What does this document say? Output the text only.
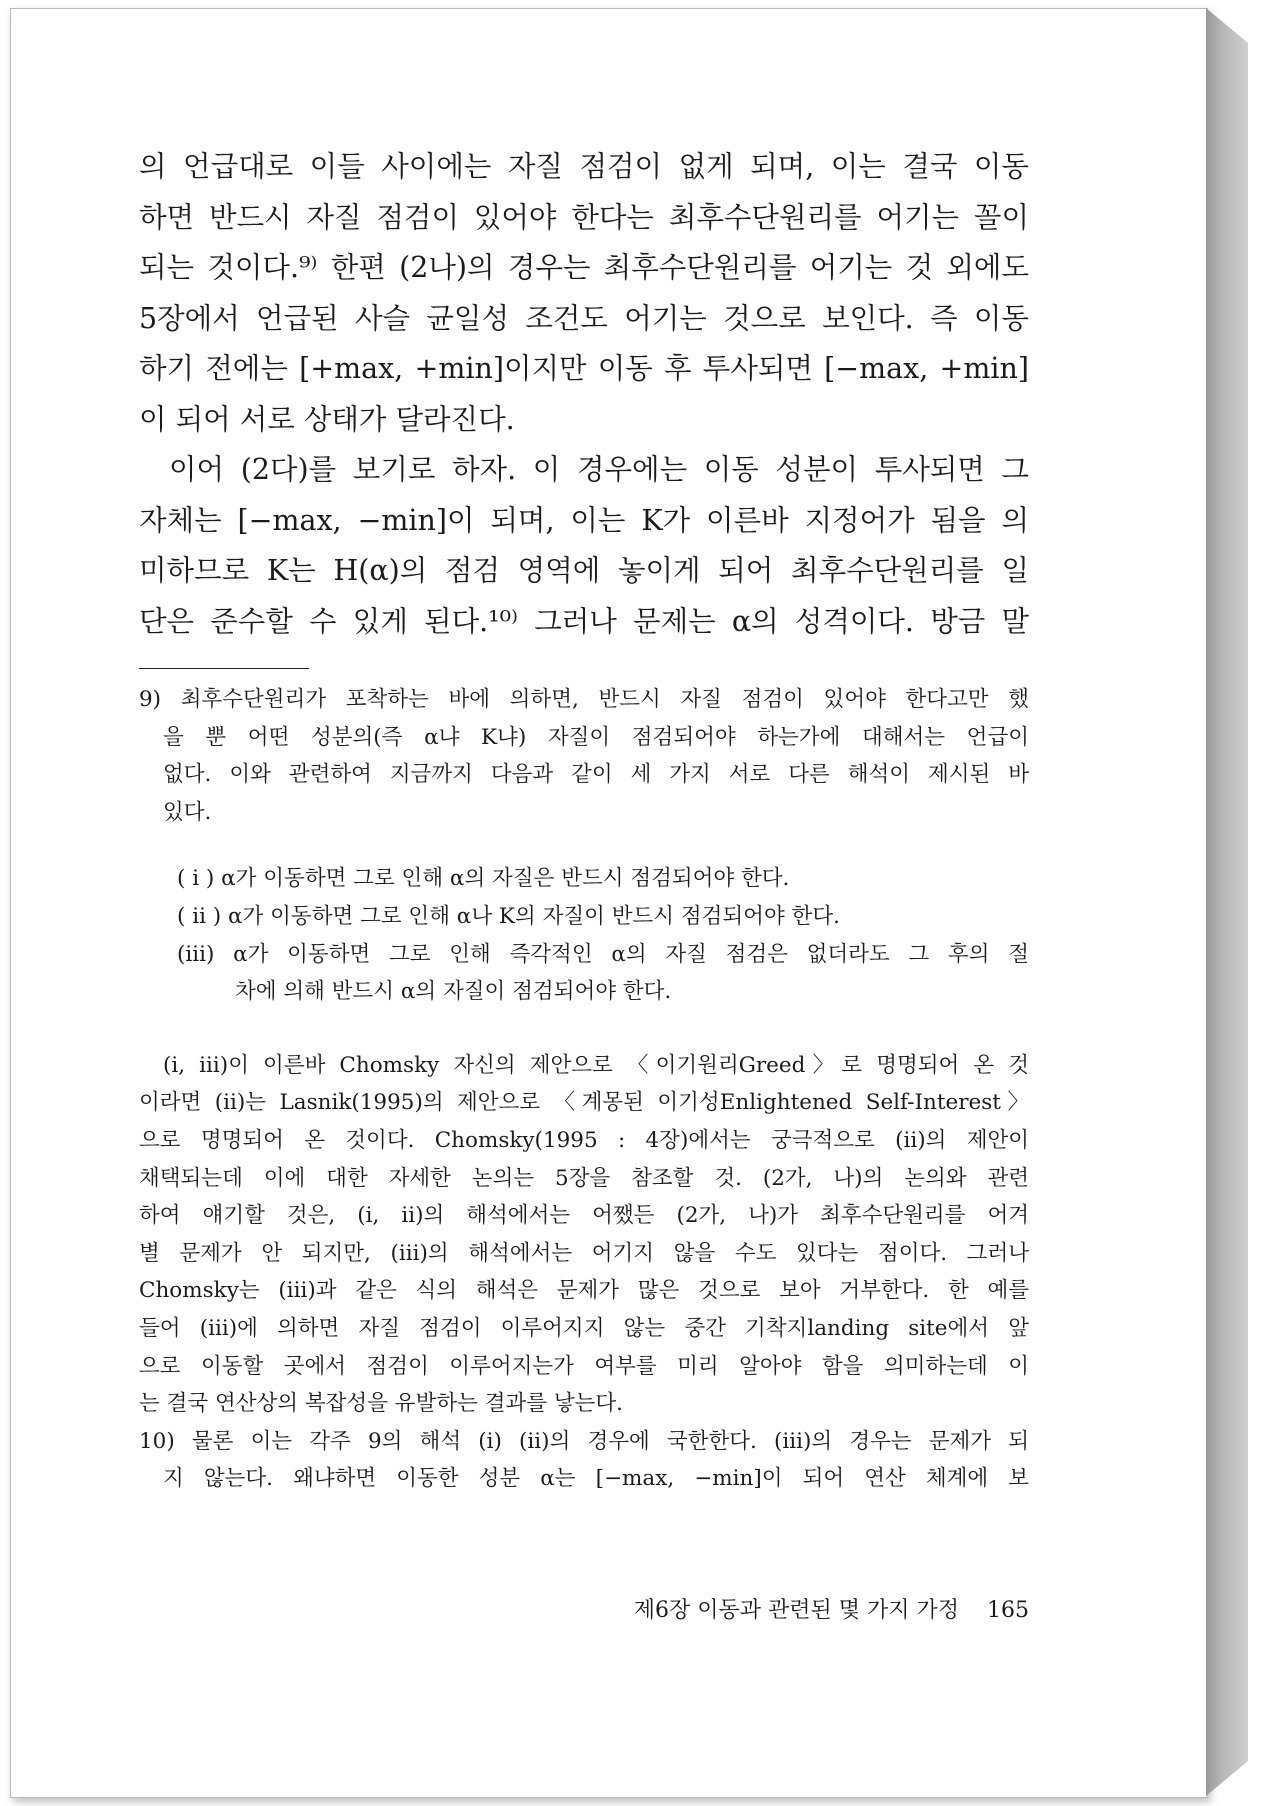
의 언급대로 이들 사이에는 자질 점검이 없게 되며, 이는 결국 이동
하면 반드시 자질 점검이 있어야 한다는 최후수단원리를 어기는 꼴이
되는 것이다.⁹⁾ 한편 (2나)의 경우는 최후수단원리를 어기는 것 외에도
5장에서 언급된 사슬 균일성 조건도 어기는 것으로 보인다. 즉 이동
하기 전에는 [+max, +min]이지만 이동 후 투사되면 [−max, +min]
이 되어 서로 상태가 달라진다.
이어 (2다)를 보기로 하자. 이 경우에는 이동 성분이 투사되면 그
자체는 [−max, −min]이 되며, 이는 K가 이른바 지정어가 됨을 의
미하므로 K는 H(α)의 점검 영역에 놓이게 되어 최후수단원리를 일
단은 준수할 수 있게 된다.¹⁰⁾ 그러나 문제는 α의 성격이다. 방금 말
9) 최후수단원리가 포착하는 바에 의하면, 반드시 자질 점검이 있어야 한다고만 했
을 뿐 어떤 성분의(즉 α냐 K냐) 자질이 점검되어야 하는가에 대해서는 언급이
없다. 이와 관련하여 지금까지 다음과 같이 세 가지 서로 다른 해석이 제시된 바
있다.
( i ) α가 이동하면 그로 인해 α의 자질은 반드시 점검되어야 한다.
( ii ) α가 이동하면 그로 인해 α나 K의 자질이 반드시 점검되어야 한다.
(iii) α가 이동하면 그로 인해 즉각적인 α의 자질 점검은 없더라도 그 후의 절
차에 의해 반드시 α의 자질이 점검되어야 한다.
(i, iii)이 이른바 Chomsky 자신의 제안으로 〈이기원리Greed〉로 명명되어 온 것
이라면 (ii)는 Lasnik(1995)의 제안으로 〈계몽된 이기성Enlightened Self-Interest〉
으로 명명되어 온 것이다. Chomsky(1995 : 4장)에서는 궁극적으로 (ii)의 제안이
채택되는데 이에 대한 자세한 논의는 5장을 참조할 것. (2가, 나)의 논의와 관련
하여 얘기할 것은, (i, ii)의 해석에서는 어쨌든 (2가, 나)가 최후수단원리를 어겨
별 문제가 안 되지만, (iii)의 해석에서는 어기지 않을 수도 있다는 점이다. 그러나
Chomsky는 (iii)과 같은 식의 해석은 문제가 많은 것으로 보아 거부한다. 한 예를
들어 (iii)에 의하면 자질 점검이 이루어지지 않는 중간 기착지landing site에서 앞
으로 이동할 곳에서 점검이 이루어지는가 여부를 미리 알아야 함을 의미하는데 이
는 결국 연산상의 복잡성을 유발하는 결과를 낳는다.
10) 물론 이는 각주 9의 해석 (i) (ii)의 경우에 국한한다. (iii)의 경우는 문제가 되
지 않는다. 왜냐하면 이동한 성분 α는 [−max, −min]이 되어 연산 체계에 보
제6장 이동과 관련된 몇 가지 가정 165
